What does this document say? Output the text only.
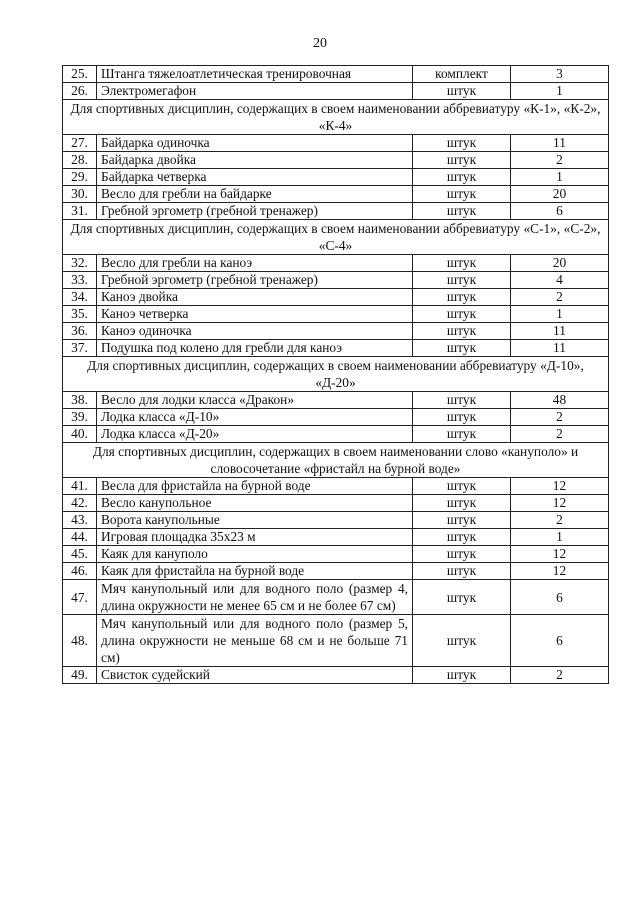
20
25.	Штанга тяжелоатлетическая тренировочная	комплект	3
26.	Электромегафон	штук	1
Для спортивных дисциплин, содержащих в своем наименовании аббревиатуру «К-1», «К-2», «К-4»			
27.	Байдарка одиночка	штук	11
28.	Байдарка двойка	штук	2
29.	Байдарка четверка	штук	1
30.	Весло для гребли на байдарке	штук	20
31.	Гребной эргометр (гребной тренажер)	штук	6
Для спортивных дисциплин, содержащих в своем наименовании аббревиатуру «С-1», «С-2», «С-4»			
32.	Весло для гребли на каноэ	штук	20
33.	Гребной эргометр (гребной тренажер)	штук	4
34.	Каноэ двойка	штук	2
35.	Каноэ четверка	штук	1
36.	Каноэ одиночка	штук	11
37.	Подушка под колено для гребли для каноэ	штук	11
Для спортивных дисциплин, содержащих в своем наименовании аббревиатуру «Д-10», «Д-20»			
38.	Весло для лодки класса «Дракон»	штук	48
39.	Лодка класса «Д-10»	штук	2
40.	Лодка класса «Д-20»	штук	2
Для спортивных дисциплин, содержащих в своем наименовании слово «кануполо» и словосочетание «фристайл на бурной воде»			
41.	Весла для фристайла на бурной воде	штук	12
42.	Весло канупольное	штук	12
43.	Ворота канупольные	штук	2
44.	Игровая площадка 35х23 м	штук	1
45.	Каяк для кануполо	штук	12
46.	Каяк для фристайла на бурной воде	штук	12
47.	Мяч канупольный или для водного поло (размер 4, длина окружности не менее 65 см и не более 67 см)	штук	6
48.	Мяч канупольный или для водного поло (размер 5, длина окружности не меньше 68 см и не больше 71 см)	штук	6
49.	Свисток судейский	штук	2
